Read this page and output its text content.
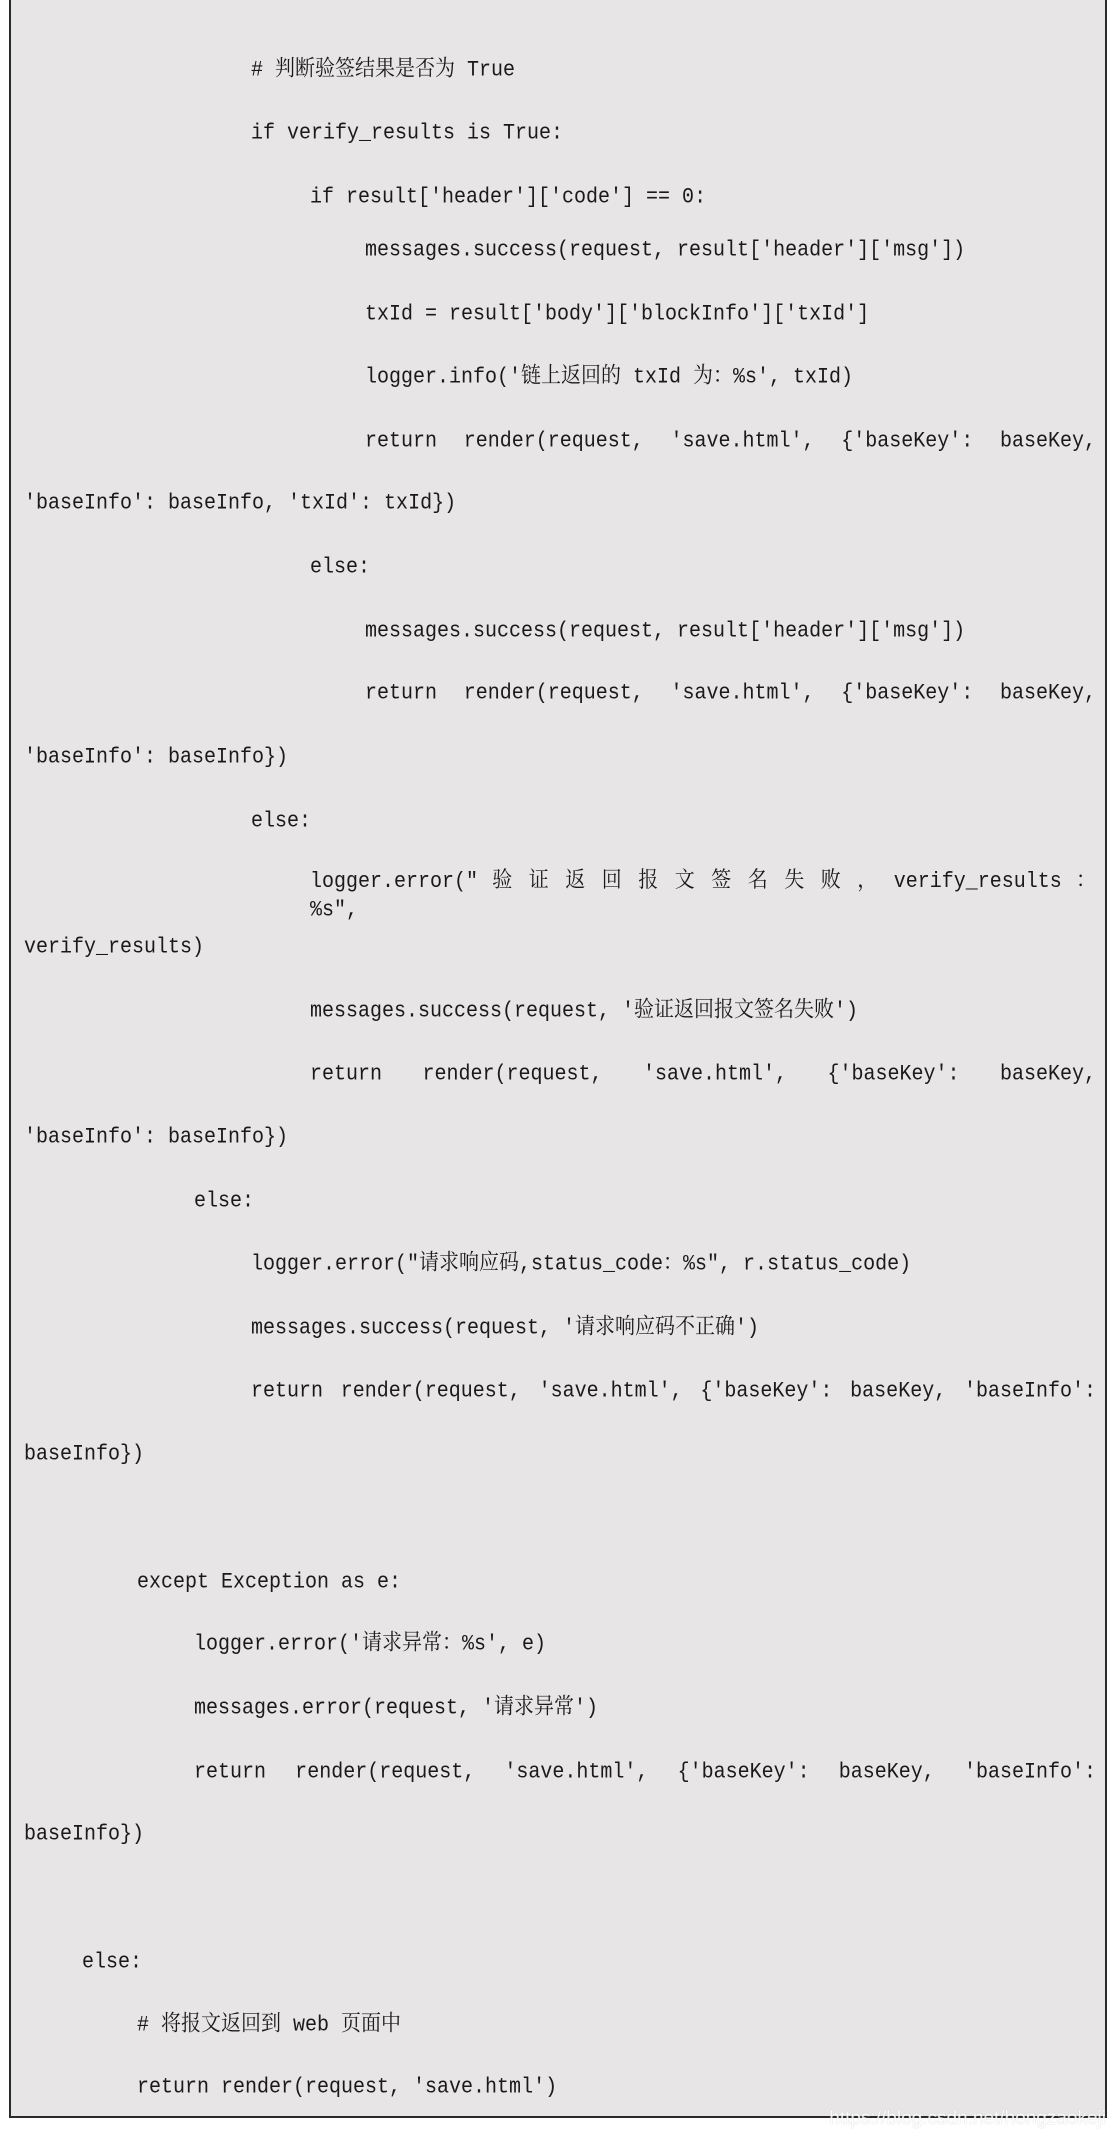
https://blog.csdn.net/hongzaokeji
# 判断验签结果是否为 True
if verify_results is True:
if result['header']['code'] == 0:
messages.success(request, result['header']['msg'])
txId = result['body']['blockInfo']['txId']
logger.info('链上返回的 txId 为：%s', txId)
return render(request, 'save.html', {'baseKey': baseKey,
'baseInfo': baseInfo, 'txId': txId})
else:
messages.success(request, result['header']['msg'])
return render(request, 'save.html', {'baseKey': baseKey,
'baseInfo': baseInfo})
else:
logger.error(" 验 证 返 回 报 文 签 名 失 败 ， verify_results ： %s",
verify_results)
messages.success(request, '验证返回报文签名失败')
return render(request, 'save.html', {'baseKey': baseKey,
'baseInfo': baseInfo})
else:
logger.error("请求响应码,status_code：%s", r.status_code)
messages.success(request, '请求响应码不正确')
return render(request, 'save.html', {'baseKey': baseKey, 'baseInfo':
baseInfo})
except Exception as e:
logger.error('请求异常：%s', e)
messages.error(request, '请求异常')
return render(request, 'save.html', {'baseKey': baseKey, 'baseInfo':
baseInfo})
else:
# 将报文返回到 web 页面中
return render(request, 'save.html')
